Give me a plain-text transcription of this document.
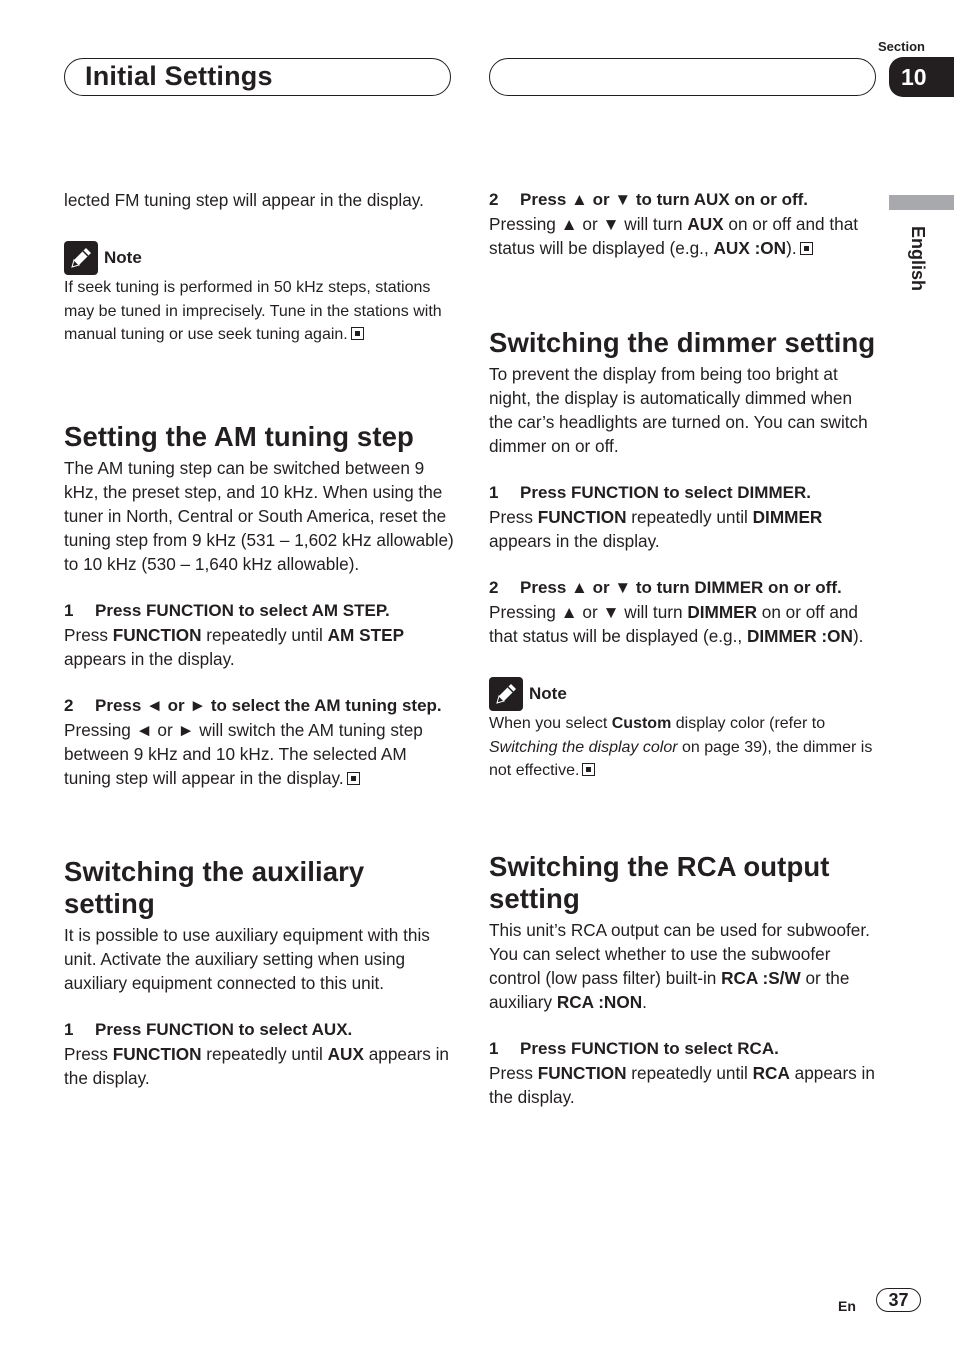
Initial Settings
Section
10
English

lected FM tuning step will appear in the display.

Note

If seek tuning is performed in 50 kHz steps, stations may be tuned in imprecisely. Tune in the stations with manual tuning or use seek tuning again.

Setting the AM tuning step

The AM tuning step can be switched between 9 kHz, the preset step, and 10 kHz. When using the tuner in North, Central or South America, reset the tuning step from 9 kHz (531 – 1,602 kHz allowable) to 10 kHz (530 – 1,640 kHz allowable).

1 Press FUNCTION to select AM STEP.

Press FUNCTION repeatedly until AM STEP appears in the display.

2 Press ◄ or ► to select the AM tuning step.

Pressing ◄ or ► will switch the AM tuning step between 9 kHz and 10 kHz. The selected AM tuning step will appear in the display.

Switching the auxiliary setting

It is possible to use auxiliary equipment with this unit. Activate the auxiliary setting when using auxiliary equipment connected to this unit.

1 Press FUNCTION to select AUX.

Press FUNCTION repeatedly until AUX appears in the display.

2 Press ▲ or ▼ to turn AUX on or off.

Pressing ▲ or ▼ will turn AUX on or off and that status will be displayed (e.g., AUX :ON).

Switching the dimmer setting

To prevent the display from being too bright at night, the display is automatically dimmed when the car’s headlights are turned on. You can switch dimmer on or off.

1 Press FUNCTION to select DIMMER.

Press FUNCTION repeatedly until DIMMER appears in the display.

2 Press ▲ or ▼ to turn DIMMER on or off.

Pressing ▲ or ▼ will turn DIMMER on or off and that status will be displayed (e.g., DIMMER :ON).

Note

When you select Custom display color (refer to Switching the display color on page 39), the dimmer is not effective.

Switching the RCA output setting

This unit’s RCA output can be used for subwoofer. You can select whether to use the subwoofer control (low pass filter) built-in RCA :S/W or the auxiliary RCA :NON.

1 Press FUNCTION to select RCA.

Press FUNCTION repeatedly until RCA appears in the display.

En	37
